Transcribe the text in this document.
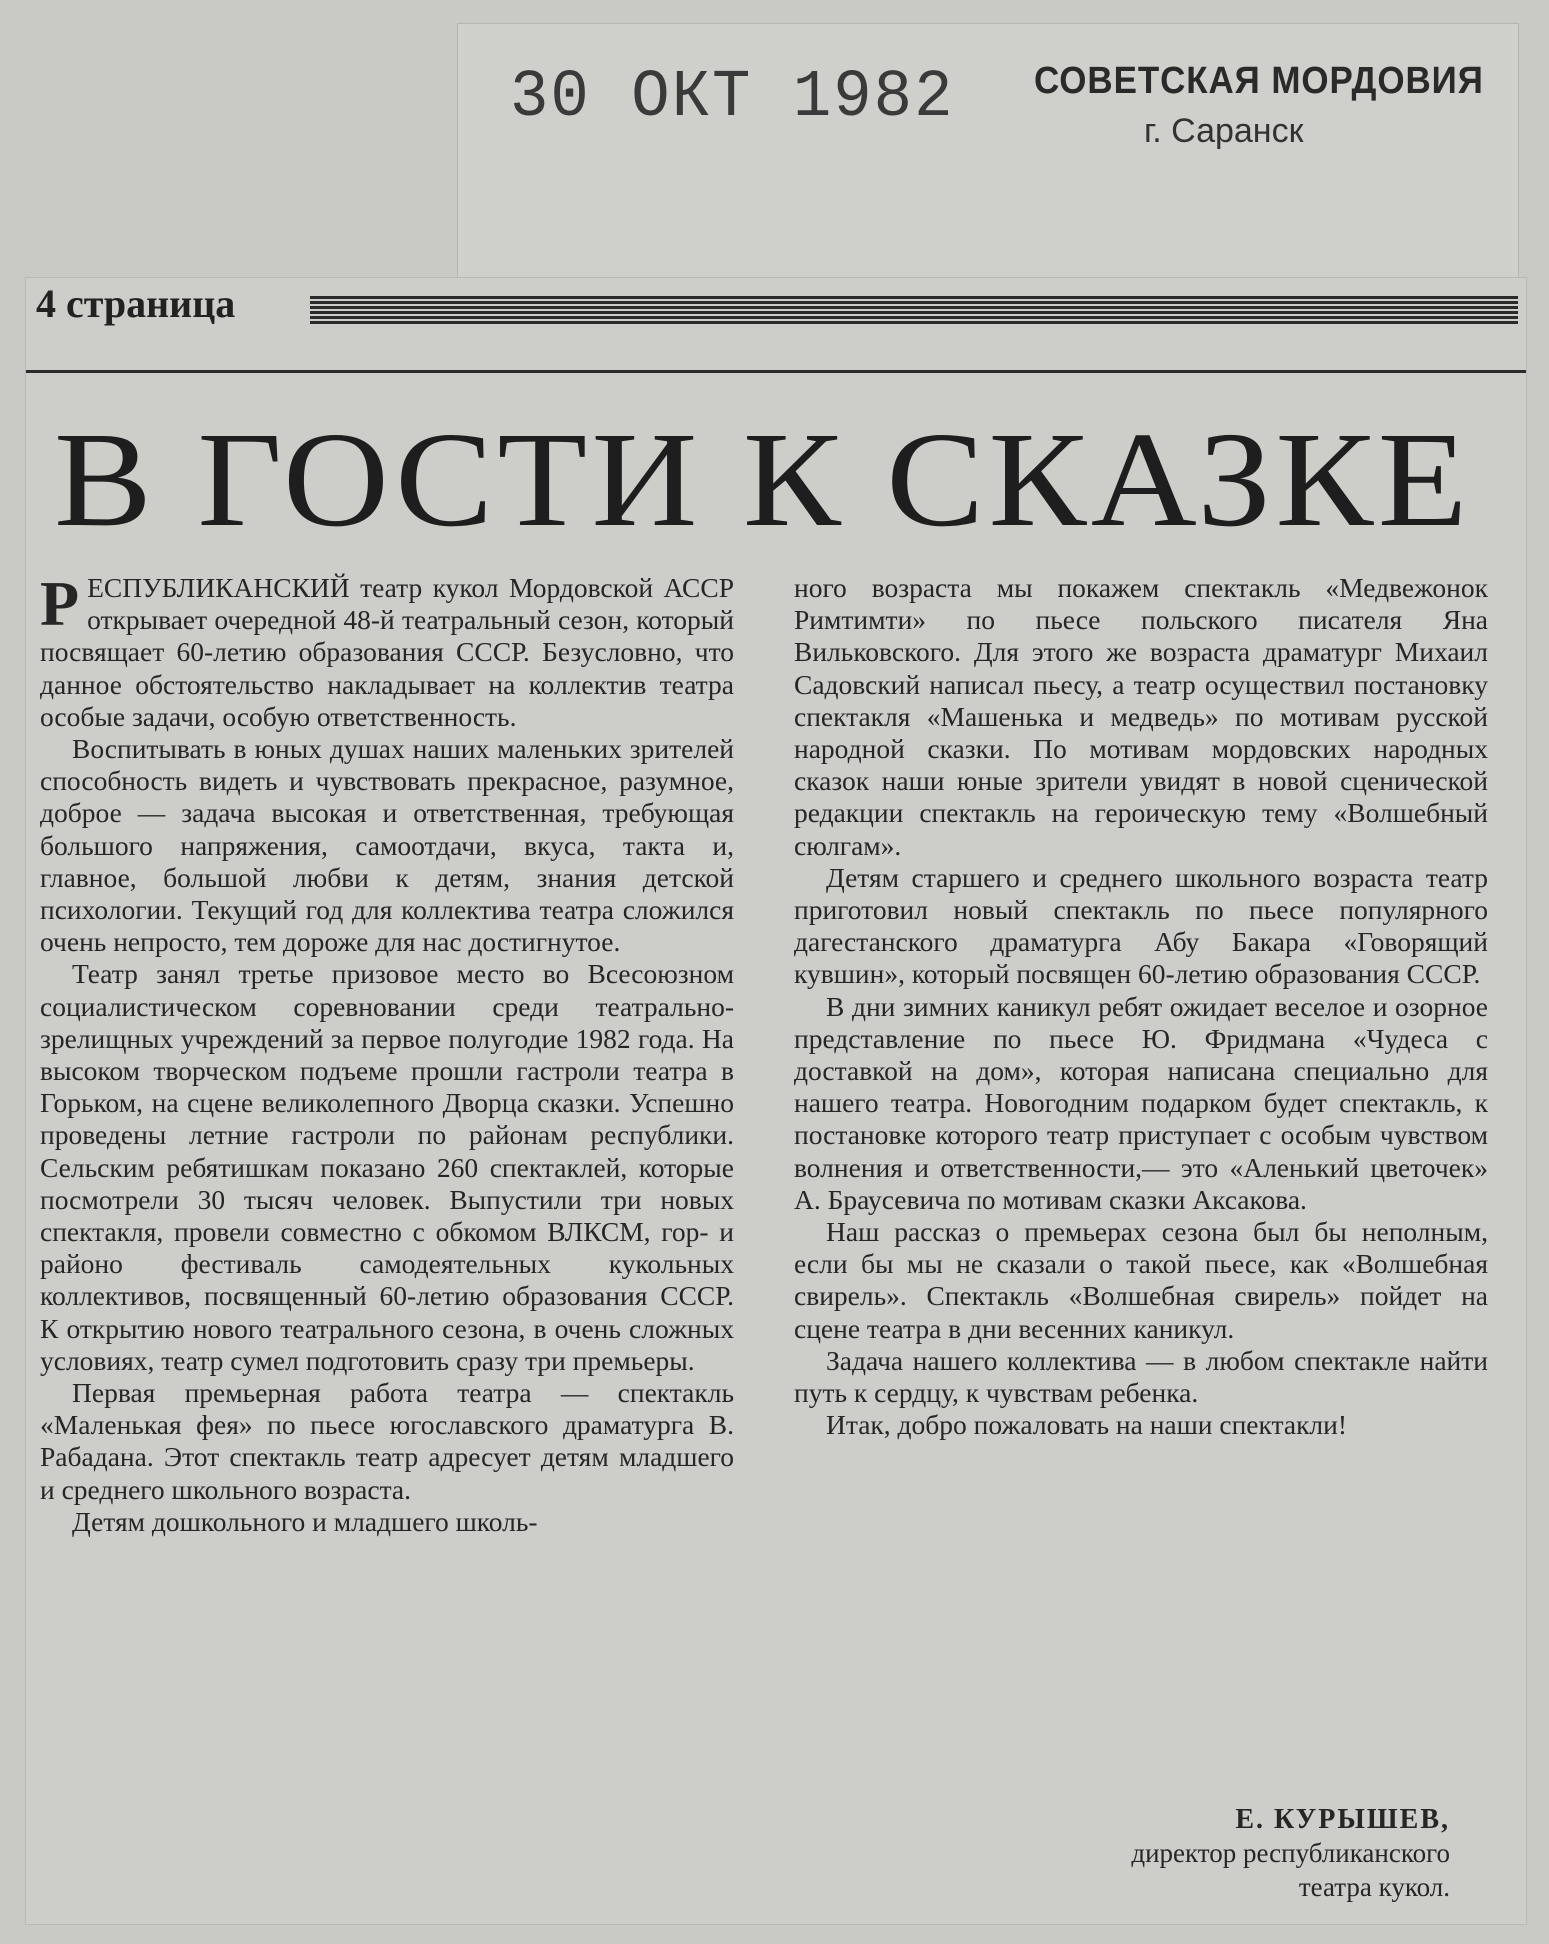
30 ОКТ 1982 СОВЕТСКАЯ МОРДОВИЯ
г. Саранск
4 страница
В ГОСТИ К СКАЗКЕ

РЕСПУБЛИКАНСКИЙ театр кукол Мордовской АССР открывает очередной 48-й театральный сезон, который посвящает 60-летию образования СССР. Безусловно, что данное обстоятельство накладывает на коллектив театра особые задачи, особую ответственность.

Воспитывать в юных душах наших маленьких зрителей способность видеть и чувствовать прекрасное, разумное, доброе — задача высокая и ответственная, требующая большого напряжения, самоотдачи, вкуса, такта и, главное, большой любви к детям, знания детской психологии. Текущий год для коллектива театра сложился очень непросто, тем дороже для нас достигнутое.

Театр занял третье призовое место во Всесоюзном социалистическом соревновании среди театрально-зрелищных учреждений за первое полугодие 1982 года. На высоком творческом подъеме прошли гастроли театра в Горьком, на сцене великолепного Дворца сказки. Успешно проведены летние гастроли по районам республики. Сельским ребятишкам показано 260 спектаклей, которые посмотрели 30 тысяч человек. Выпустили три новых спектакля, провели совместно с обкомом ВЛКСМ, гор- и районо фестиваль самодеятельных кукольных коллективов, посвященный 60-летию образования СССР. К открытию нового театрального сезона, в очень сложных условиях, театр сумел подготовить сразу три премьеры.

Первая премьерная работа театра — спектакль «Маленькая фея» по пьесе югославского драматурга В. Рабадана. Этот спектакль театр адресует детям младшего и среднего школьного возраста.

Детям дошкольного и младшего школь-

ного возраста мы покажем спектакль «Медвежонок Римтимти» по пьесе польского писателя Яна Вильковского. Для этого же возраста драматург Михаил Садовский написал пьесу, а театр осуществил постановку спектакля «Машенька и медведь» по мотивам русской народной сказки. По мотивам мордовских народных сказок наши юные зрители увидят в новой сценической редакции спектакль на героическую тему «Волшебный сюлгам».

Детям старшего и среднего школьного возраста театр приготовил новый спектакль по пьесе популярного дагестанского драматурга Абу Бакара «Говорящий кувшин», который посвящен 60-летию образования СССР.

В дни зимних каникул ребят ожидает веселое и озорное представление по пьесе Ю. Фридмана «Чудеса с доставкой на дом», которая написана специально для нашего театра. Новогодним подарком будет спектакль, к постановке которого театр приступает с особым чувством волнения и ответственности,— это «Аленький цветочек» А. Браусевича по мотивам сказки Аксакова.

Наш рассказ о премьерах сезона был бы неполным, если бы мы не сказали о такой пьесе, как «Волшебная свирель». Спектакль «Волшебная свирель» пойдет на сцене театра в дни весенних каникул.

Задача нашего коллектива — в любом спектакле найти путь к сердцу, к чувствам ребенка.

Итак, добро пожаловать на наши спектакли!

Е. КУРЫШЕВ,
директор республиканского
театра кукол.
